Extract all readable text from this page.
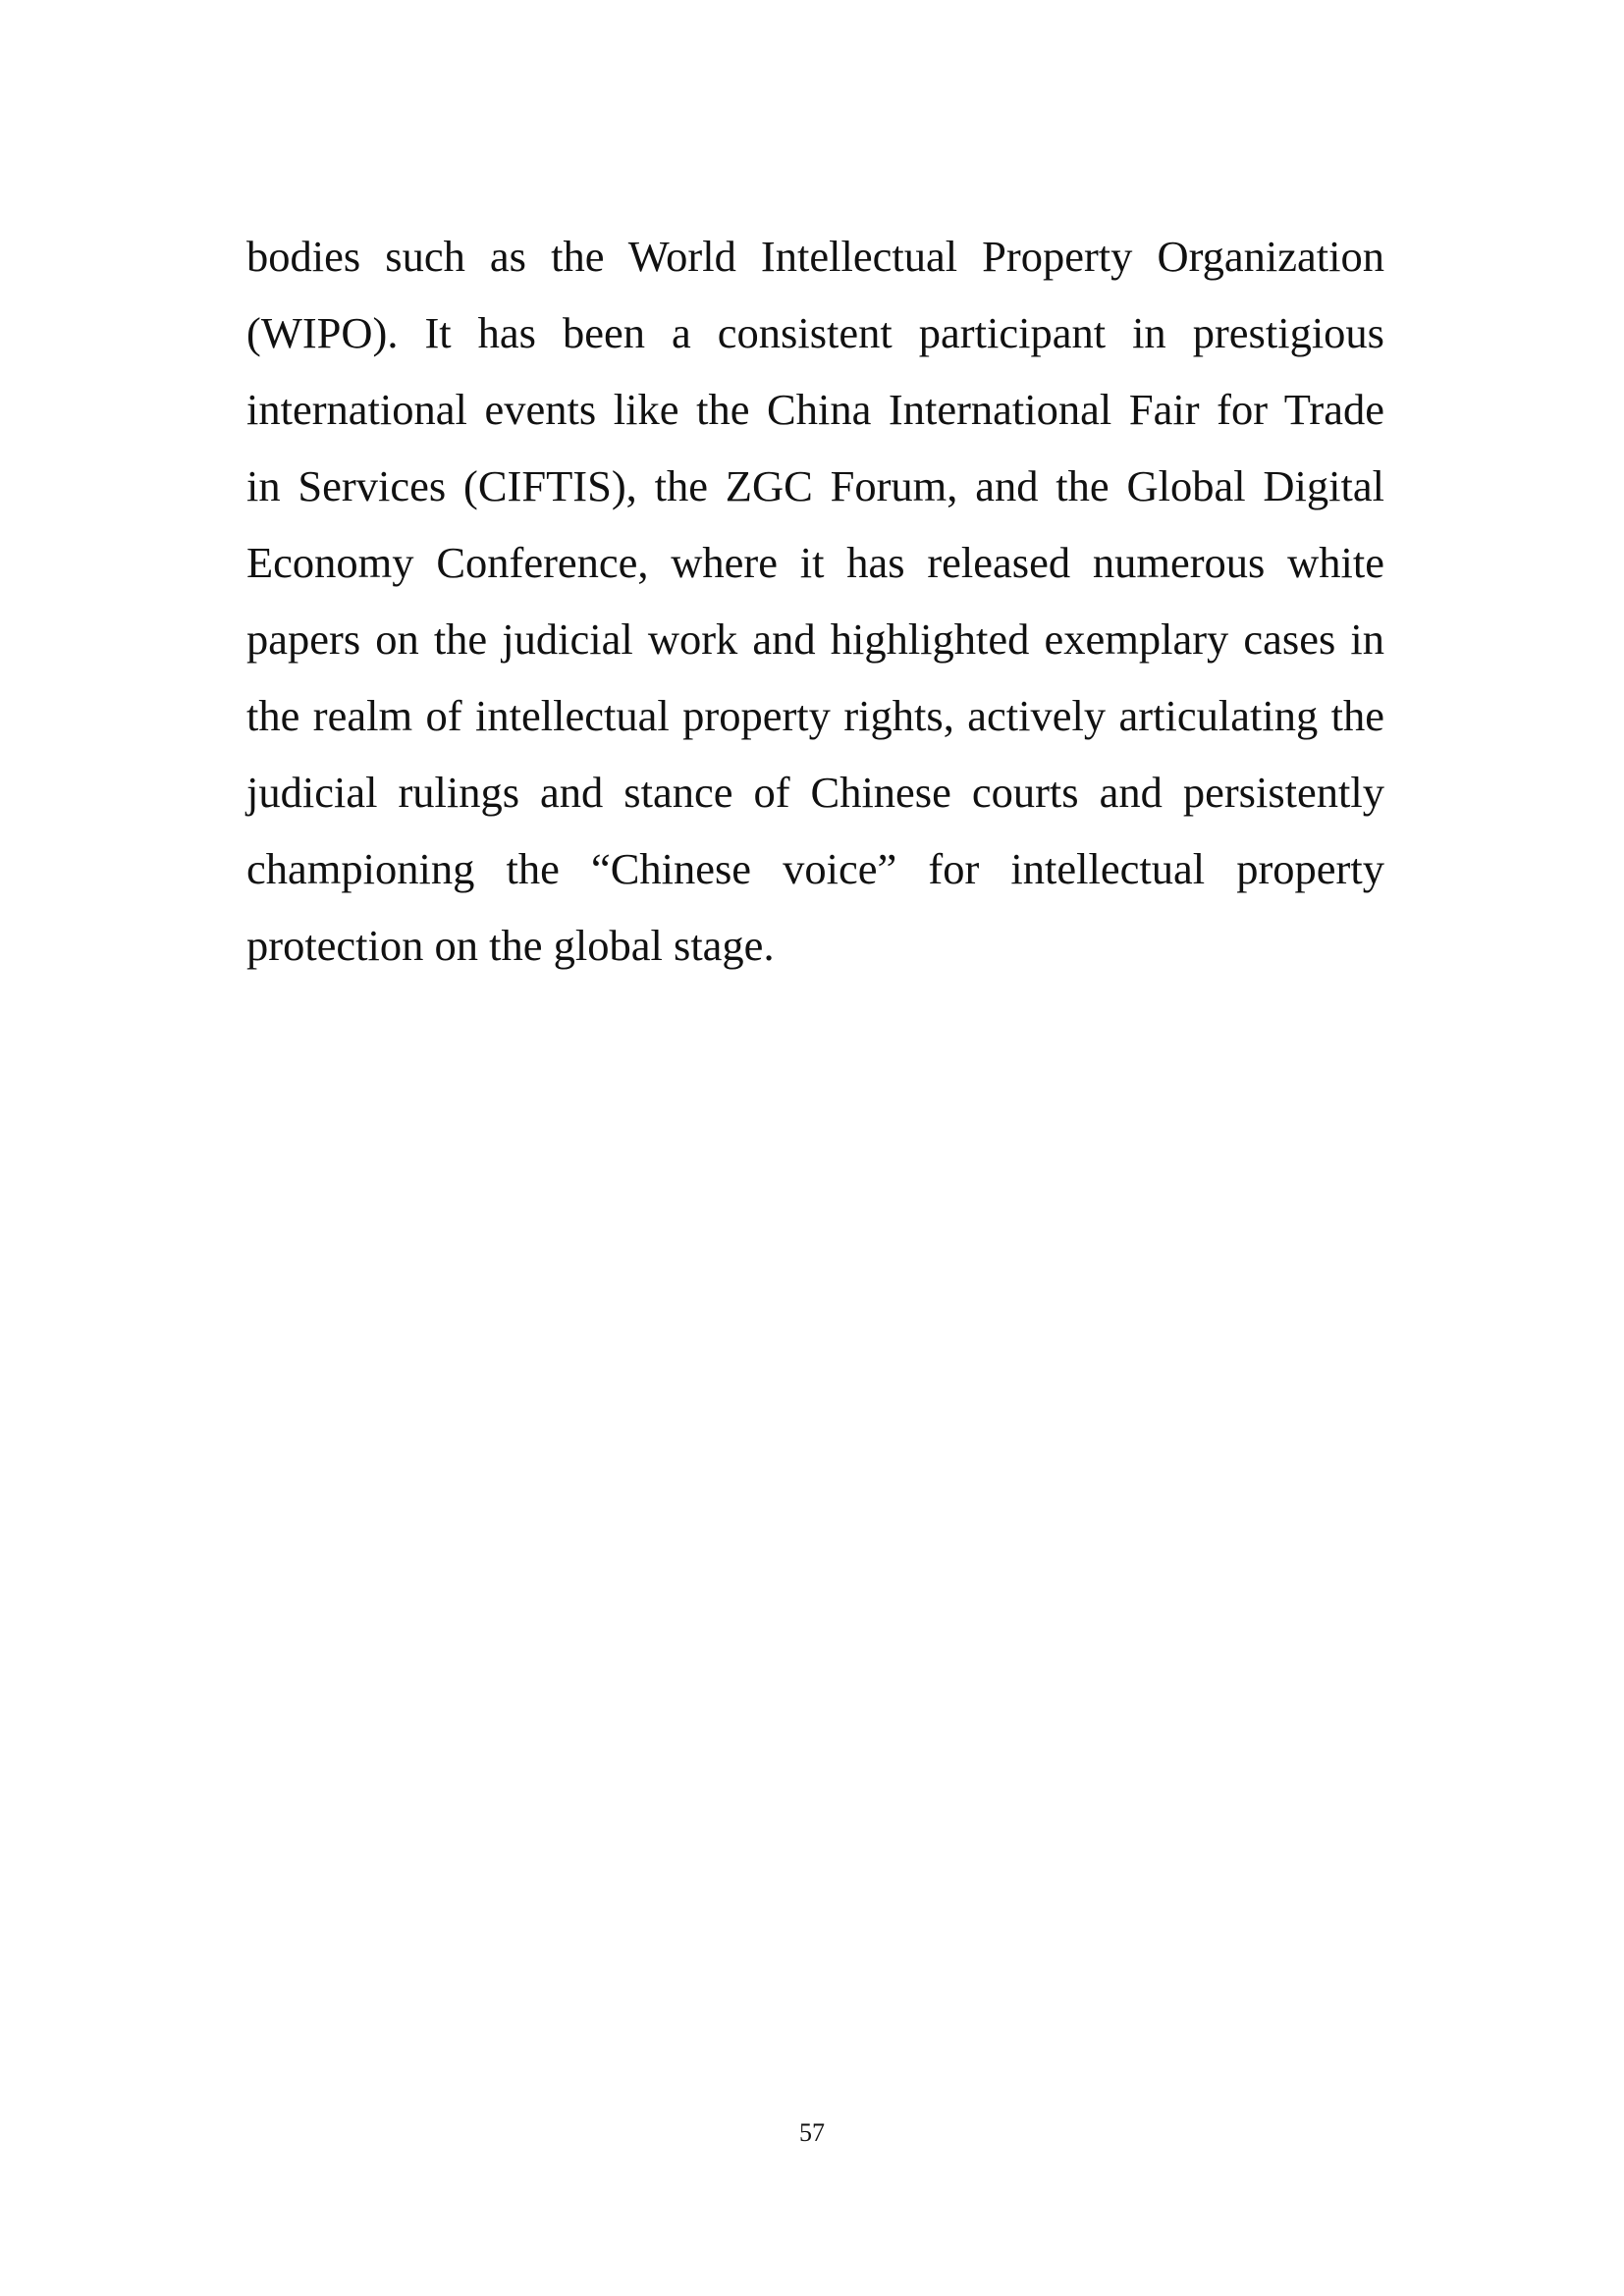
bodies such as the World Intellectual Property Organization
(WIPO). It has been a consistent participant in prestigious
international events like the China International Fair for Trade
in Services (CIFTIS), the ZGC Forum, and the Global Digital
Economy Conference, where it has released numerous white
papers on the judicial work and highlighted exemplary cases in
the realm of intellectual property rights, actively articulating the
judicial rulings and stance of Chinese courts and persistently
championing the “Chinese voice” for intellectual property
protection on the global stage.

57
